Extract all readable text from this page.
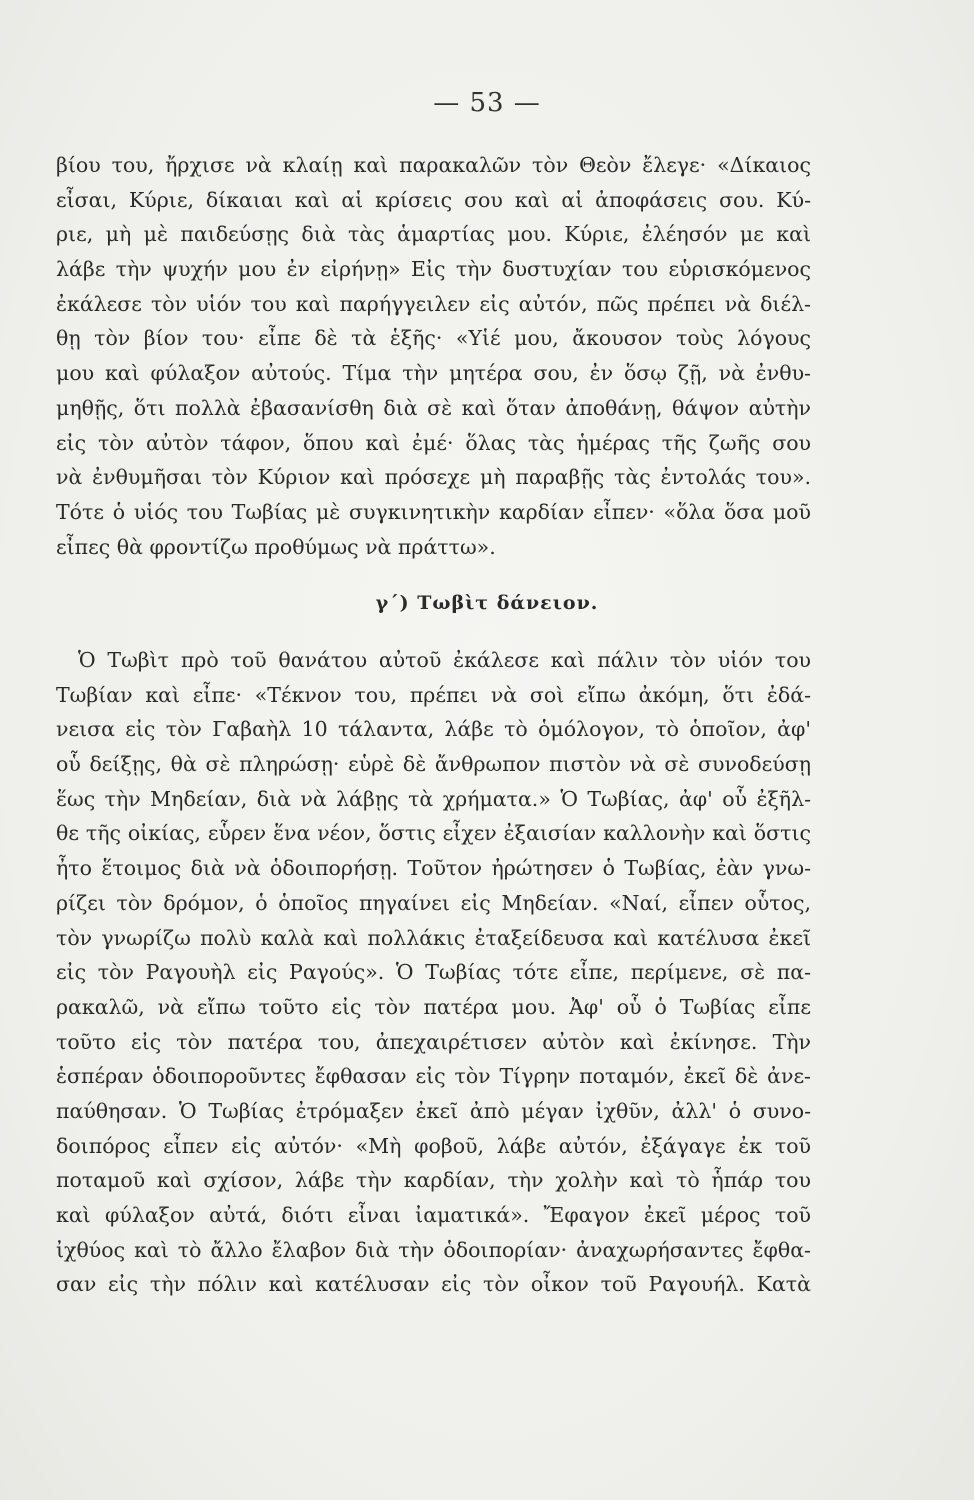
— 53 —
βίου του, ἤρχισε νὰ κλαίῃ καὶ παρακαλῶν τὸν Θεὸν ἔλεγε· «Δίκαιος
εἶσαι, Κύριε, δίκαιαι καὶ αἱ κρίσεις σου καὶ αἱ ἀποφάσεις σου. Κύ-
ριε, μὴ μὲ παιδεύσῃς διὰ τὰς ἁμαρτίας μου. Κύριε, ἐλέησόν με καὶ
λάβε τὴν ψυχήν μου ἐν εἰρήνῃ» Εἰς τὴν δυστυχίαν του εὑρισκόμενος
ἐκάλεσε τὸν υἱόν του καὶ παρήγγειλεν εἰς αὐτόν, πῶς πρέπει νὰ διέλ-
θῃ τὸν βίον του· εἶπε δὲ τὰ ἑξῆς· «Υἱέ μου, ἄκουσον τοὺς λόγους
μου καὶ φύλαξον αὐτούς. Τίμα τὴν μητέρα σου, ἐν ὅσῳ ζῇ, νὰ ἐνθυ-
μηθῇς, ὅτι πολλὰ ἐβασανίσθη διὰ σὲ καὶ ὅταν ἀποθάνῃ, θάψον αὐτὴν
εἰς τὸν αὐτὸν τάφον, ὅπου καὶ ἐμέ· ὅλας τὰς ἡμέρας τῆς ζωῆς σου
νὰ ἐνθυμῆσαι τὸν Κύριον καὶ πρόσεχε μὴ παραβῇς τὰς ἐντολάς του».
Τότε ὁ υἱός του Τωβίας μὲ συγκινητικὴν καρδίαν εἶπεν· «ὅλα ὅσα μοῦ
εἶπες θὰ φροντίζω προθύμως νὰ πράττω».
γ΄) Τωβὶτ δάνειον.
Ὁ Τωβὶτ πρὸ τοῦ θανάτου αὐτοῦ ἐκάλεσε καὶ πάλιν τὸν υἱόν του
Τωβίαν καὶ εἶπε· «Τέκνον του, πρέπει νὰ σοὶ εἴπω ἀκόμη, ὅτι ἐδά-
νεισα εἰς τὸν Γαβαὴλ 10 τάλαντα, λάβε τὸ ὁμόλογον, τὸ ὁποῖον, ἀφ'
οὗ δείξῃς, θὰ σὲ πληρώσῃ· εὑρὲ δὲ ἄνθρωπον πιστὸν νὰ σὲ συνοδεύσῃ
ἕως τὴν Μηδείαν, διὰ νὰ λάβῃς τὰ χρήματα.» Ὁ Τωβίας, ἀφ' οὗ ἐξῆλ-
θε τῆς οἰκίας, εὗρεν ἕνα νέον, ὅστις εἶχεν ἐξαισίαν καλλονὴν καὶ ὅστις
ἦτο ἕτοιμος διὰ νὰ ὁδοιπορήσῃ. Τοῦτον ἠρώτησεν ὁ Τωβίας, ἐὰν γνω-
ρίζει τὸν δρόμον, ὁ ὁποῖος πηγαίνει εἰς Μηδείαν. «Ναί, εἶπεν οὗτος,
τὸν γνωρίζω πολὺ καλὰ καὶ πολλάκις ἐταξείδευσα καὶ κατέλυσα ἐκεῖ
εἰς τὸν Ραγουὴλ εἰς Ραγούς». Ὁ Τωβίας τότε εἶπε, περίμενε, σὲ πα-
ρακαλῶ, νὰ εἴπω τοῦτο εἰς τὸν πατέρα μου. Ἀφ' οὗ ὁ Τωβίας εἶπε
τοῦτο εἰς τὸν πατέρα του, ἀπεχαιρέτισεν αὐτὸν καὶ ἐκίνησε. Τὴν
ἑσπέραν ὁδοιποροῦντες ἔφθασαν εἰς τὸν Τίγρην ποταμόν, ἐκεῖ δὲ ἀνε-
παύθησαν. Ὁ Τωβίας ἐτρόμαξεν ἐκεῖ ἀπὸ μέγαν ἰχθῦν, ἀλλ' ὁ συνο-
δοιπόρος εἶπεν εἰς αὐτόν· «Μὴ φοβοῦ, λάβε αὐτόν, ἐξάγαγε ἐκ τοῦ
ποταμοῦ καὶ σχίσον, λάβε τὴν καρδίαν, τὴν χολὴν καὶ τὸ ἧπάρ του
καὶ φύλαξον αὐτά, διότι εἶναι ἰαματικά». Ἔφαγον ἐκεῖ μέρος τοῦ
ἰχθύος καὶ τὸ ἄλλο ἔλαβον διὰ τὴν ὁδοιπορίαν· ἀναχωρήσαντες ἔφθα-
σαν εἰς τὴν πόλιν καὶ κατέλυσαν εἰς τὸν οἶκον τοῦ Ραγουήλ. Κατὰ
